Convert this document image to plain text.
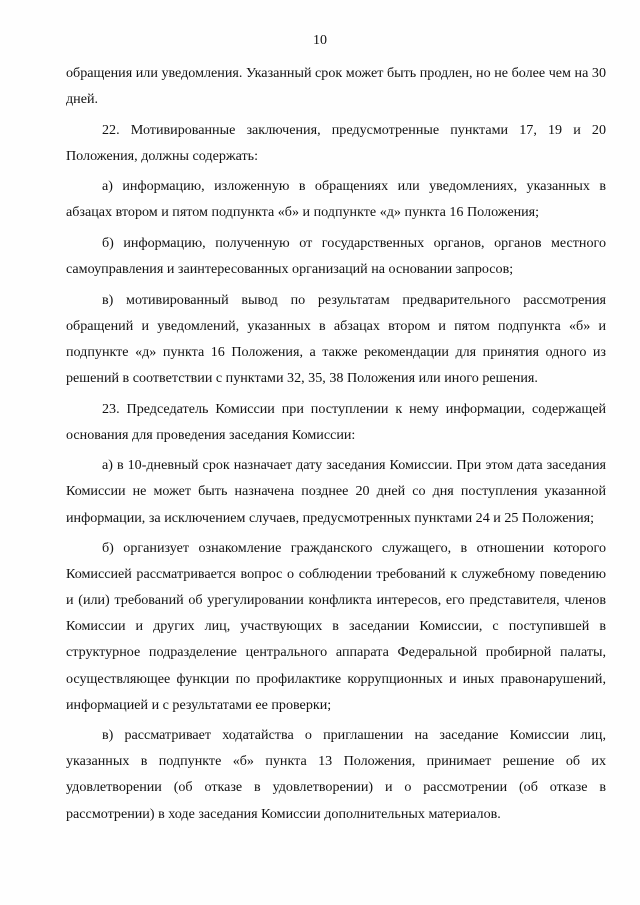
10

обращения или уведомления. Указанный срок может быть продлен, но не более чем на 30 дней.

22. Мотивированные заключения, предусмотренные пунктами 17, 19 и 20 Положения, должны содержать:

а) информацию, изложенную в обращениях или уведомлениях, указанных в абзацах втором и пятом подпункта «б» и подпункте «д» пункта 16 Положения;

б) информацию, полученную от государственных органов, органов местного самоуправления и заинтересованных организаций на основании запросов;

в) мотивированный вывод по результатам предварительного рассмотрения обращений и уведомлений, указанных в абзацах втором и пятом подпункта «б» и подпункте «д» пункта 16 Положения, а также рекомендации для принятия одного из решений в соответствии с пунктами 32, 35, 38 Положения или иного решения.

23. Председатель Комиссии при поступлении к нему информации, содержащей основания для проведения заседания Комиссии:

а) в 10-дневный срок назначает дату заседания Комиссии. При этом дата заседания Комиссии не может быть назначена позднее 20 дней со дня поступления указанной информации, за исключением случаев, предусмотренных пунктами 24 и 25 Положения;

б) организует ознакомление гражданского служащего, в отношении которого Комиссией рассматривается вопрос о соблюдении требований к служебному поведению и (или) требований об урегулировании конфликта интересов, его представителя, членов Комиссии и других лиц, участвующих в заседании Комиссии, с поступившей в структурное подразделение центрального аппарата Федеральной пробирной палаты, осуществляющее функции по профилактике коррупционных и иных правонарушений, информацией и с результатами ее проверки;

в) рассматривает ходатайства о приглашении на заседание Комиссии лиц, указанных в подпункте «б» пункта 13 Положения, принимает решение об их удовлетворении (об отказе в удовлетворении) и о рассмотрении (об отказе в рассмотрении) в ходе заседания Комиссии дополнительных материалов.
